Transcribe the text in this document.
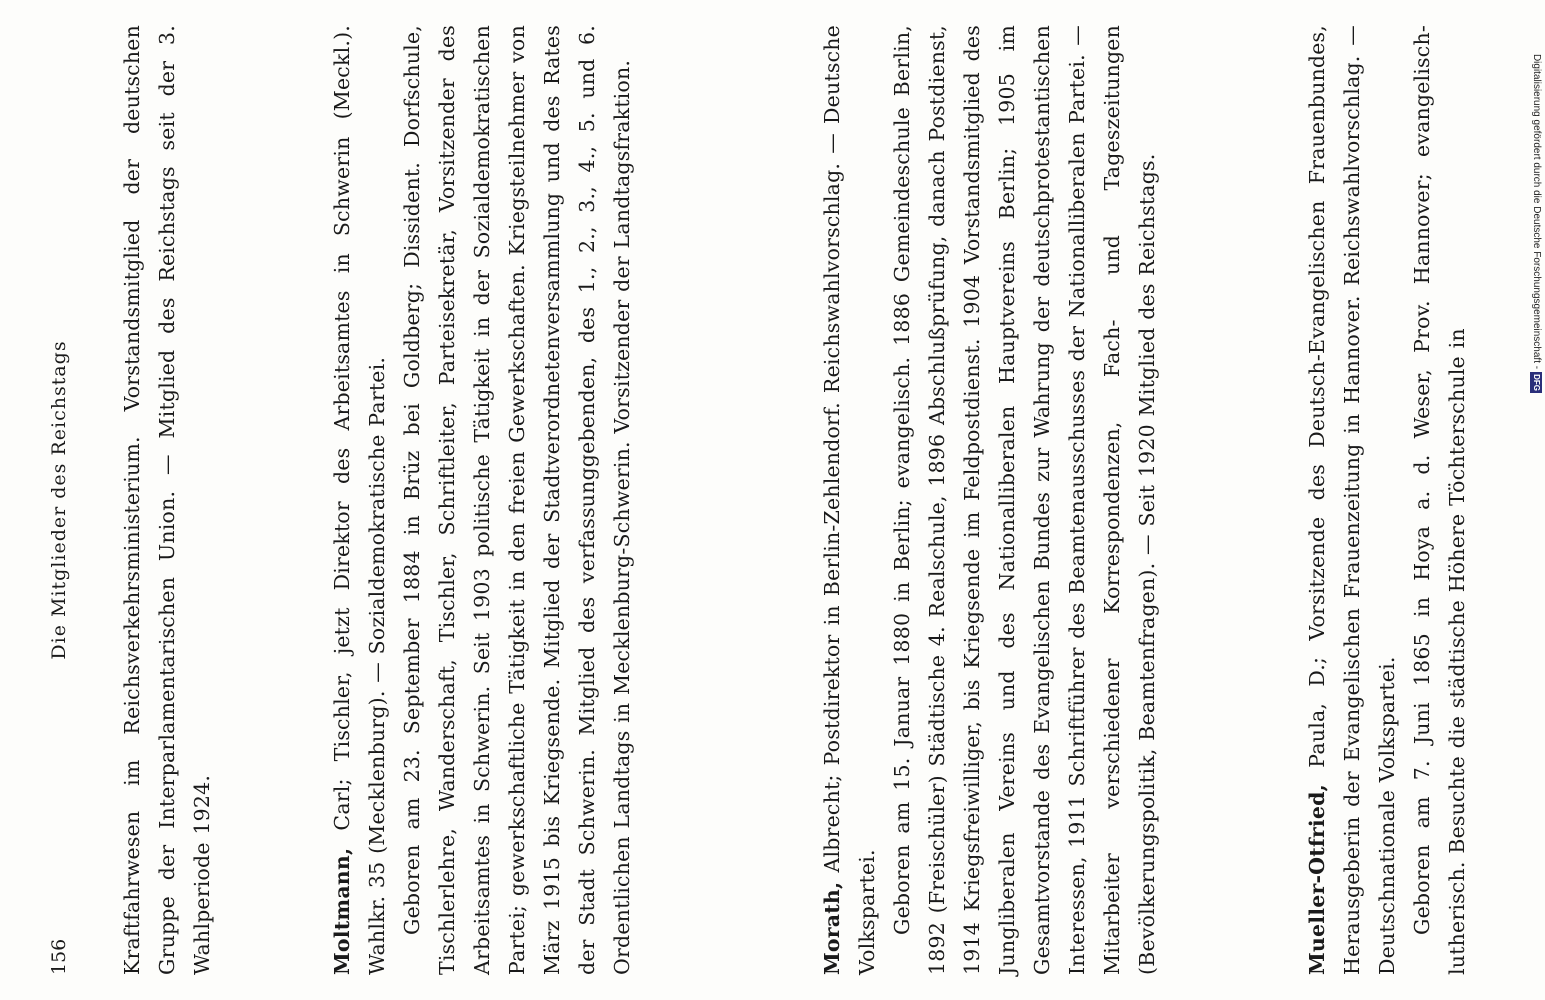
156
Die Mitglieder des Reichstags Kraftfahrwesen im Reichsverkehrsministerium. Vorstandsmitglied der deutschen Gruppe der Interparlamentarischen Union. — Mitglied des Reichstags seit der 3. Wahlperiode 1924.	Moltmann, Carl; Tischler, jetzt Direktor des Arbeitsamtes in Schwerin (Meckl.). Wahlkr. 35 (Mecklenburg). — Sozialdemokratische Partei. Geboren am 23. September 1884 in Brüz bei Goldberg; Dissident. Dorfschule, Tischlerlehre, Wanderschaft, Tischler, Schriftleiter, Parteisekretär, Vorsitzender des Arbeitsamtes in Schwerin. Seit 1903 politische Tätigkeit in der Sozialdemokratischen Partei; gewerkschaftliche Tätigkeit in den freien Gewerkschaften. Kriegsteilnehmer von März 1915 bis Kriegsende. Mitglied der Stadtverordnetenversammlung und des Rates der Stadt Schwerin. Mitglied des verfassunggebenden, des 1., 2., 3., 4., 5. und 6. Ordentlichen Landtags in Mecklenburg-Schwerin. Vorsitzender der Landtagsfraktion.	Morath, Albrecht; Postdirektor in Berlin-Zehlendorf. Reichswahlvorschlag. — Deutsche Volkspartei. Geboren am 15. Januar 1880 in Berlin; evangelisch. 1886 Gemeindeschule Berlin, 1892 (Freischüler) Städtische 4. Realschule, 1896 Abschlußprüfung, danach Postdienst, 1914 Kriegsfreiwilliger, bis Kriegsende im Feldpostdienst. 1904 Vorstandsmitglied des Jungliberalen Vereins und des Nationalliberalen Hauptvereins Berlin; 1905 im Gesamtvorstande des Evangelischen Bundes zur Wahrung der deutschprotestantischen Interessen, 1911 Schriftführer des Beamtenausschusses der Nationalliberalen Partei. — Mitarbeiter verschiedener Korrespondenzen, Fach- und Tageszeitungen (Bevölkerungspolitik, Beamtenfragen). — Seit 1920 Mitglied des Reichstags.	Mueller-Otfried, Paula, D.; Vorsitzende des Deutsch-Evangelischen Frauenbundes, Herausgeberin der Evangelischen Frauenzeitung in Hannover. Reichswahlvorschlag. — Deutschnationale Volkspartei. Geboren am 7. Juni 1865 in Hoya a. d. Weser, Prov. Hannover; evangelisch-lutherisch. Besuchte die städtische Höhere Töchterschule in

Digitalisierung gefördert durch die Deutsche Forschungsgemeinschaft -DFG
